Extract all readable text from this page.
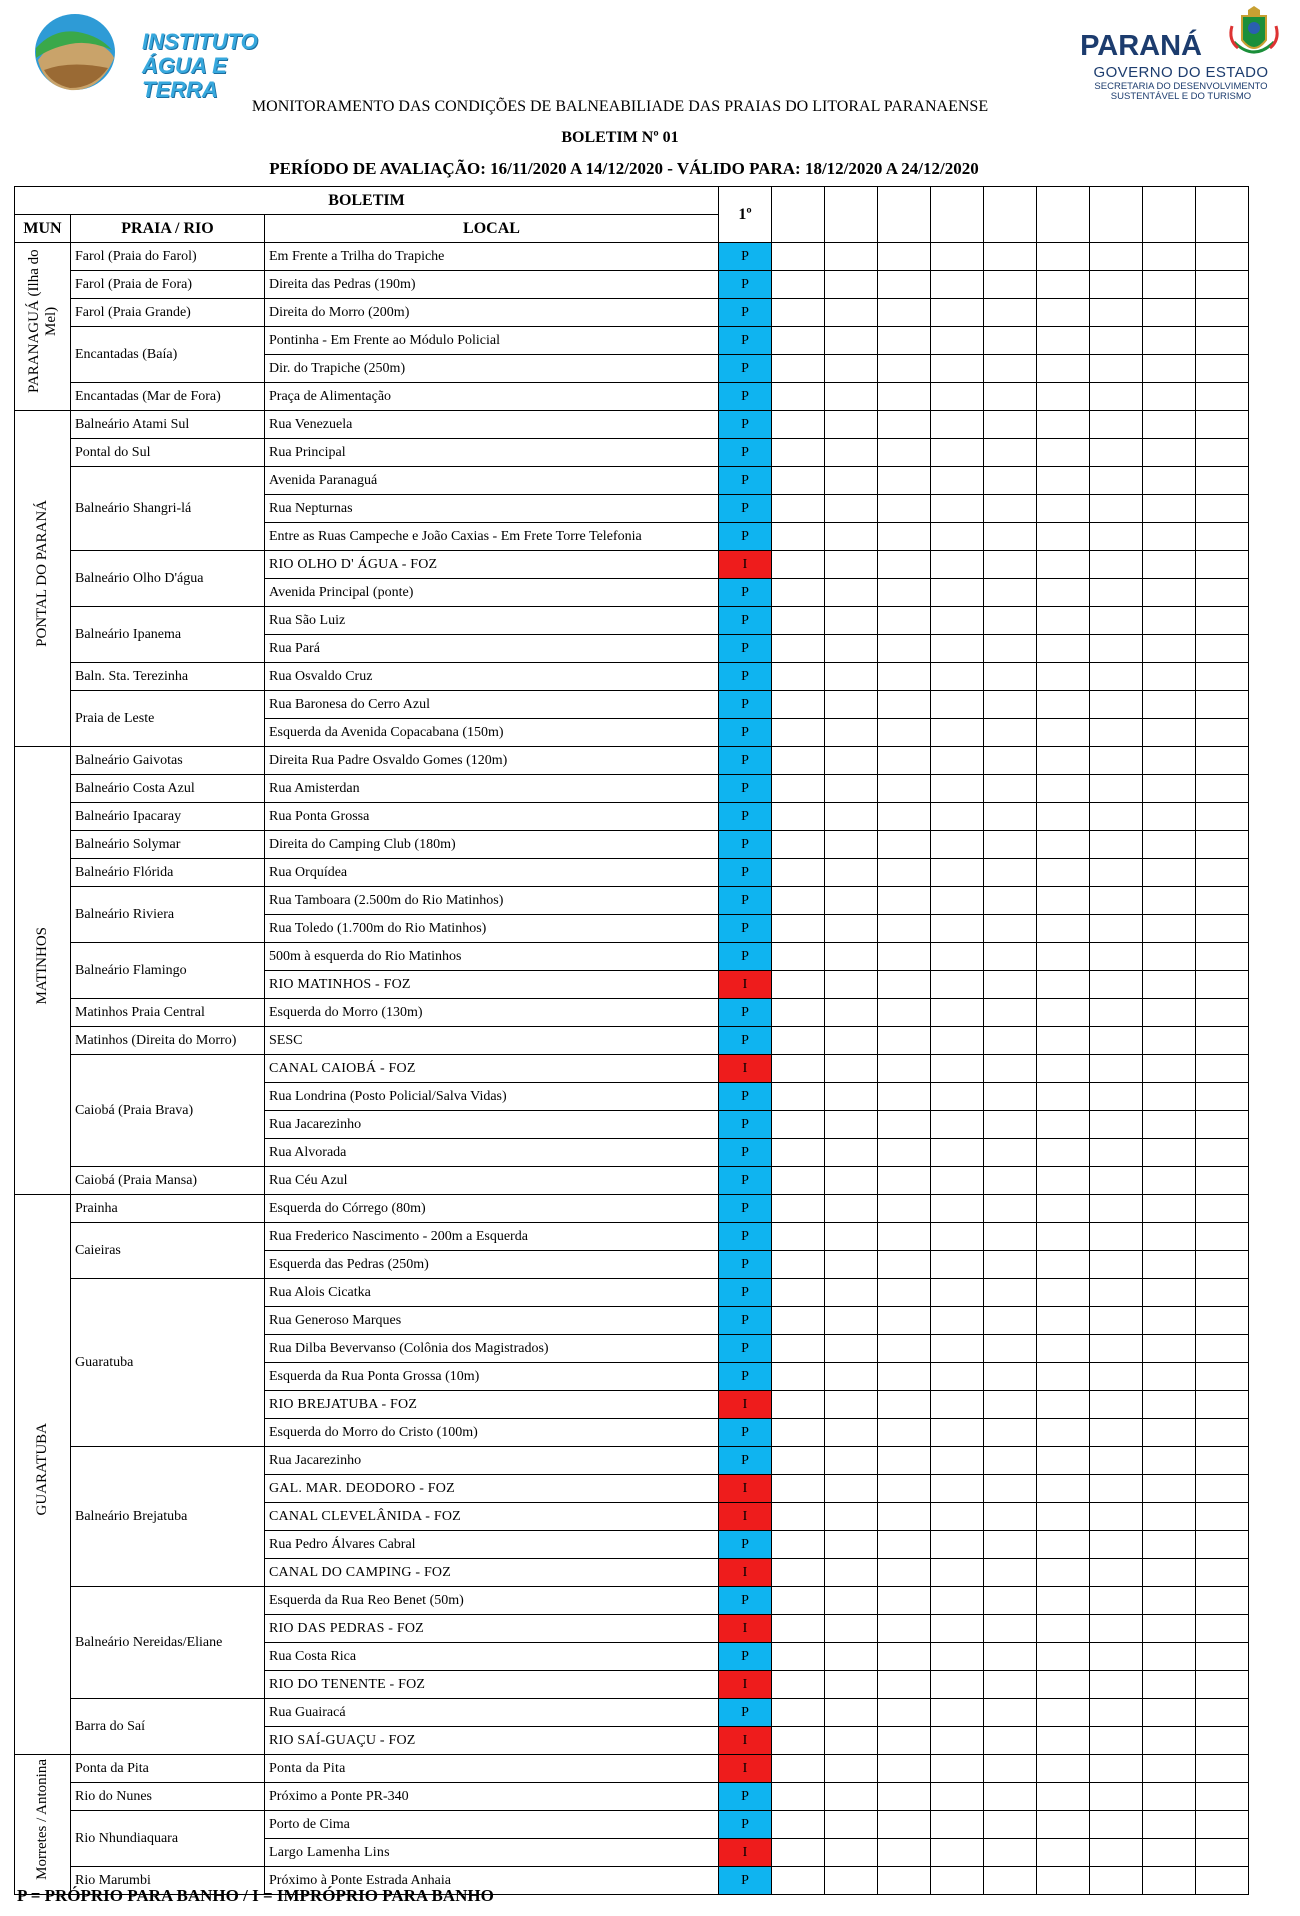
INSTITUTO
ÁGUA E TERRA
PARANÁ
GOVERNO DO ESTADO
SECRETARIA DO DESENVOLVIMENTO
SUSTENTÁVEL E DO TURISMO
MONITORAMENTO DAS CONDIÇÕES DE BALNEABILIADE DAS PRAIAS DO LITORAL PARANAENSE
BOLETIM Nº 01
PERÍODO DE AVALIAÇÃO: 16/11/2020 A 14/12/2020 - VÁLIDO PARA: 18/12/2020 A 24/12/2020
BOLETIM			1º									
MUN	PRAIA / RIO	LOCAL										
PARANAGUÁ (Ilha do Mel)	Farol (Praia do Farol)	Em Frente a Trilha do Trapiche	P									
	Farol (Praia de Fora)	Direita das Pedras (190m)	P									
	Farol (Praia Grande)	Direita do Morro (200m)	P									
	Encantadas (Baía)	Pontinha - Em Frente ao Módulo Policial	P									
		Dir. do Trapiche (250m)	P									
	Encantadas (Mar de Fora)	Praça de Alimentação	P									
PONTAL DO PARANÁ	Balneário Atami Sul	Rua Venezuela	P									
	Pontal do Sul	Rua Principal	P									
	Balneário Shangri-lá	Avenida Paranaguá	P									
		Rua Nepturnas	P									
		Entre as Ruas Campeche e João Caxias - Em Frete Torre Telefonia	P									
	Balneário Olho D'água	RIO OLHO D' ÁGUA - FOZ	I									
		Avenida Principal (ponte)	P									
	Balneário Ipanema	Rua São Luiz	P									
		Rua Pará	P									
	Baln. Sta. Terezinha	Rua Osvaldo Cruz	P									
	Praia de Leste	Rua Baronesa do Cerro Azul	P									
		Esquerda da Avenida Copacabana (150m)	P									
MATINHOS	Balneário Gaivotas	Direita Rua Padre Osvaldo Gomes (120m)	P									
	Balneário Costa Azul	Rua Amisterdan	P									
	Balneário Ipacaray	Rua Ponta Grossa	P									
	Balneário Solymar	Direita do Camping Club (180m)	P									
	Balneário Flórida	Rua Orquídea	P									
	Balneário Riviera	Rua Tamboara (2.500m do Rio Matinhos)	P									
		Rua Toledo (1.700m do Rio Matinhos)	P									
	Balneário Flamingo	500m à esquerda do Rio Matinhos	P									
		RIO MATINHOS - FOZ	I									
	Matinhos Praia Central	Esquerda do Morro (130m)	P									
	Matinhos (Direita do Morro)	SESC	P									
	Caiobá (Praia Brava)	CANAL CAIOBÁ - FOZ	I									
		Rua Londrina (Posto Policial/Salva Vidas)	P									
		Rua Jacarezinho	P									
		Rua Alvorada	P									
	Caiobá (Praia Mansa)	Rua Céu Azul	P									
GUARATUBA	Prainha	Esquerda do Córrego (80m)	P									
	Caieiras	Rua Frederico Nascimento - 200m a Esquerda	P									
		Esquerda das Pedras (250m)	P									
	Guaratuba	Rua Alois Cicatka	P									
		Rua Generoso Marques	P									
		Rua Dilba Bevervanso (Colônia dos Magistrados)	P									
		Esquerda da Rua Ponta Grossa (10m)	P									
		RIO BREJATUBA - FOZ	I									
		Esquerda do Morro do Cristo (100m)	P									
	Balneário Brejatuba	Rua Jacarezinho	P									
		GAL. MAR. DEODORO - FOZ	I									
		CANAL CLEVELÂNIDA - FOZ	I									
		Rua Pedro Álvares Cabral	P									
		CANAL DO CAMPING - FOZ	I									
	Balneário Nereidas/Eliane	Esquerda da Rua Reo Benet (50m)	P									
		RIO DAS PEDRAS - FOZ	I									
		Rua Costa Rica	P									
		RIO DO TENENTE - FOZ	I									
	Barra do Saí	Rua Guairacá	P									
		RIO SAÍ-GUAÇU - FOZ	I									
Morretes / Antonina	Ponta da Pita	Ponta da Pita	I									
	Rio do Nunes	Próximo a Ponte PR-340	P									
	Rio Nhundiaquara	Porto de Cima	P									
		Largo Lamenha Lins	I									
	Rio Marumbi	Próximo à Ponte Estrada Anhaia	P									
P = PRÓPRIO PARA BANHO / I = IMPRÓPRIO PARA BANHO
